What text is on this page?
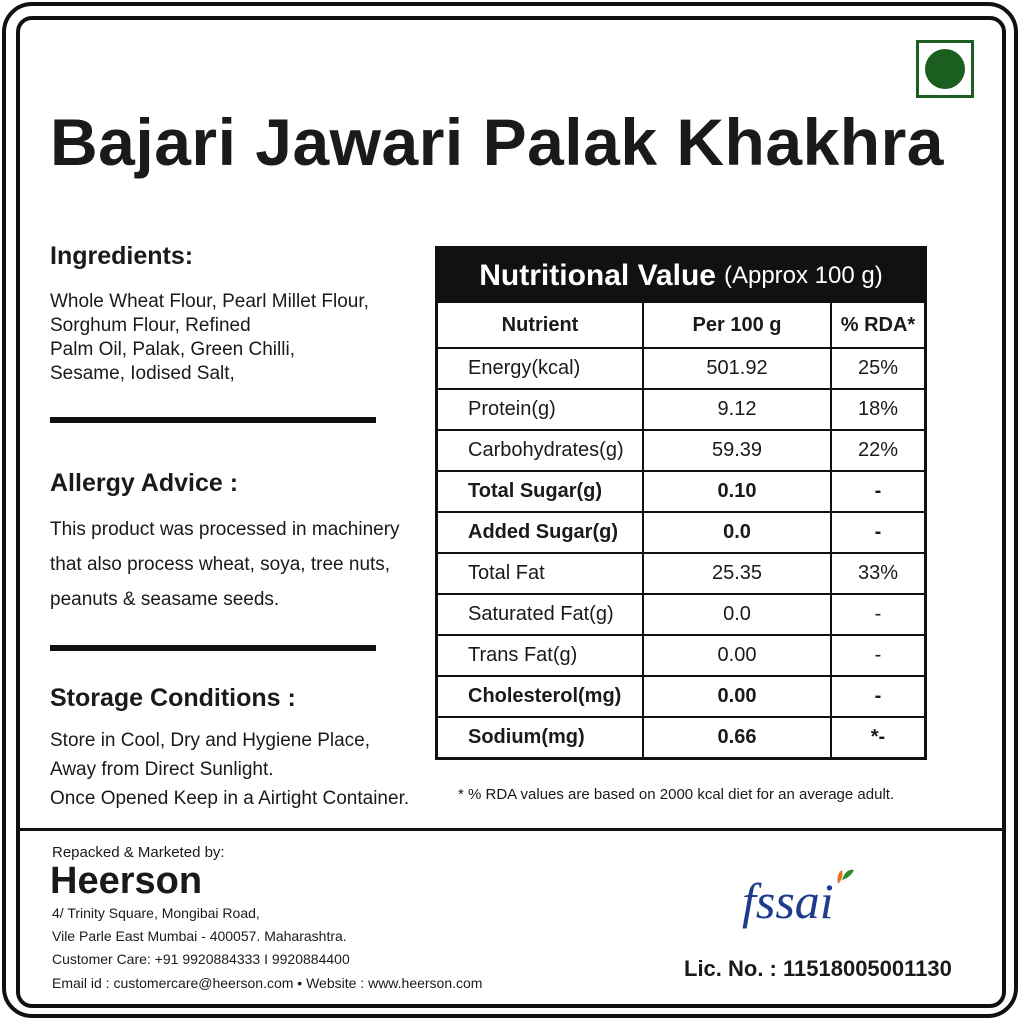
Bajari Jawari Palak Khakhra
Ingredients:
Whole Wheat Flour, Pearl Millet Flour,
Sorghum Flour, Refined
Palm Oil, Palak, Green Chilli,
Sesame, Iodised Salt,
Allergy Advice :
This product was processed in machinery
that also process wheat, soya, tree nuts,
peanuts & seasame seeds.
Storage Conditions :
Store in Cool, Dry and Hygiene Place,
Away from Direct Sunlight.
Once Opened Keep in a Airtight Container.
Nutritional Value (Approx 100 g)
Nutrient	Per 100 g	% RDA*
Energy(kcal)	501.92	25%
Protein(g)	9.12	18%
Carbohydrates(g)	59.39	22%
Total Sugar(g)	0.10	-
Added Sugar(g)	0.0	-
Total Fat	25.35	33%
Saturated Fat(g)	0.0	-
Trans Fat(g)	0.00	-
Cholesterol(mg)	0.00	-
Sodium(mg)	0.66	*-
* % RDA values are based on 2000 kcal diet for an average adult.
Repacked & Marketed by:
Heerson
4/ Trinity Square, Mongibai Road,
Vile Parle East Mumbai - 400057. Maharashtra.
Customer Care: +91 9920884333 I 9920884400
Email id : customercare@heerson.com • Website : www.heerson.com
fssai
Lic. No. : 11518005001130
